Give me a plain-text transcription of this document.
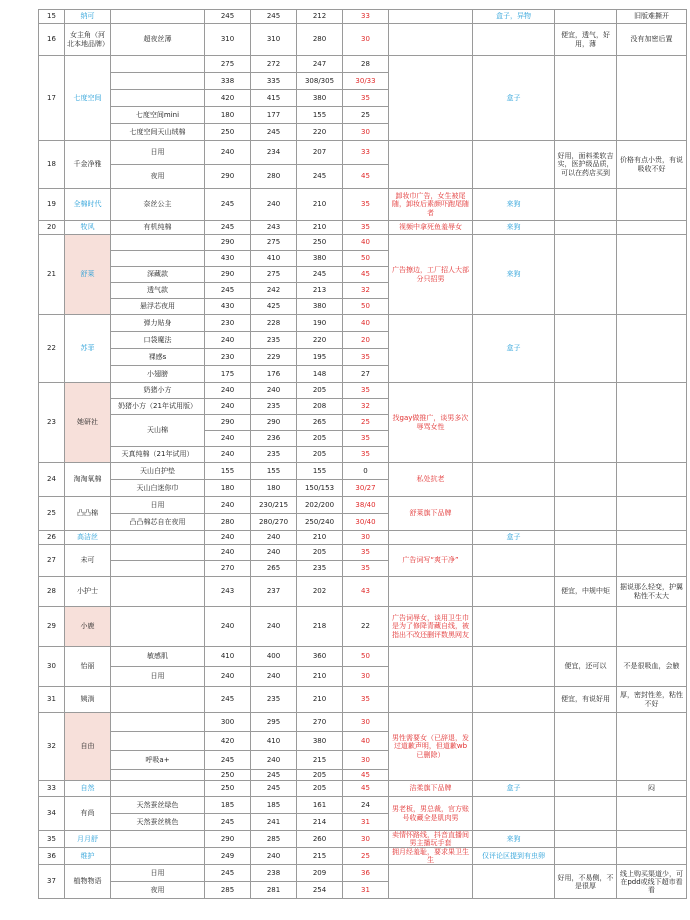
15	纳可		245	245	212	33		盒子，异物		旧版难撕开
16	女主角（河北本地品牌）	超夜丝薄	310	310	280	30			便宜，透气，好用，薄	没有加密后置
17	七度空间		275	272	247	28		盒子		
			338	335	308/305	30/33				
			420	415	380	35				
		七度空间mini	180	177	155	25				
		七度空间天山绒棉	250	245	220	30				
18	千金净雅	日用	240	234	207	33			好用，面料柔软吉实，医护级品质，可以在药店买到	价格有点小贵，有说吸收不好
		夜用	290	280	245	45				
19	全棉时代	奈丝公主	245	240	210	35	卸妆巾广告，女生被尾随，卸妆后素颜吓跑尾随者	来狗		
20	牧风	有机纯棉	245	243	210	35	视频中拿死鱼羞辱女	来狗		
21	舒莱		290	275	250	40	广告擦边，工厂招人大部分只招男	来狗		
			430	410	380	50				
		深藏款	290	275	245	45				
		透气款	245	242	213	32				
		悬浮芯夜用	430	425	380	50				
22	苏菲	弹力贴身	230	228	190	40		盒子		
		口袋魔法	240	235	220	20				
		裸感s	230	229	195	35				
		小翅膀	175	176	148	27				
23	她研社	奶猪小方	240	240	205	35	找gay做推广，谈男多次辱骂女性			
		奶猪小方（21年试用版）	240	235	208	32				
		天山棉	290	290	265	25				
			240	236	205	35				
		天真纯棉（21年试用）	240	235	205	35				
24	淘淘氧棉	天山白护垫	155	155	155	0	私处抗老			
		天山白迷你巾	180	180	150/153	30/27				
25	凸凸棉	日用	240	230/215	202/200	38/40	舒莱旗下品牌			
		凸凸棉芯自在夜用	280	280/270	250/240	30/40				
26	高洁丝		240	240	210	30		盒子		
27	未可		240	240	205	35	广告词写“爽干净”			
			270	265	235	35				
28	小护士		243	237	202	43			便宜，中规中矩	据说那么轻变，护翼粘性不太大
29	小鹿		240	240	218	22	广告词辱女，谈用卫生巾是为了修降青藏自线，被指出不改还删评数黑网友			
30	怡丽	敏感肌	410	400	360	50			便宜，还可以	不是很吸血，会腋
		日用	240	240	210	30				
31	姨淌		245	235	210	35			便宜，有说好用	厚，密封性差，粘性不好
32	自由		300	295	270	30	男性需要女（已辞退，发过道歉声明，但道歉wb已删除）			
			420	410	380	40				
		呼吸a+	245	240	215	30				
			250	245	205	45				
33	自然		250	245	205	45	洁柔旗下品牌	盒子		闷
34	有尚	天然蚕丝绿色	185	185	161	24	男老板，男总裁，官方账号收藏全是肌肉男			
		天然蚕丝桃色	245	241	214	31				
35	月月舒		290	285	260	30	卖情怀路线，抖音直播间男主播玩手套	来狗		
36	维护		249	240	215	25	拥月经羞耻，要求果卫生生	仅评论区提到有虫卵		
37	植物物语	日用	245	238	209	36			好用，不易侧，不是很厚	线上购买渠道少，可在pdd或线下超市看看
		夜用	285	281	254	31				
